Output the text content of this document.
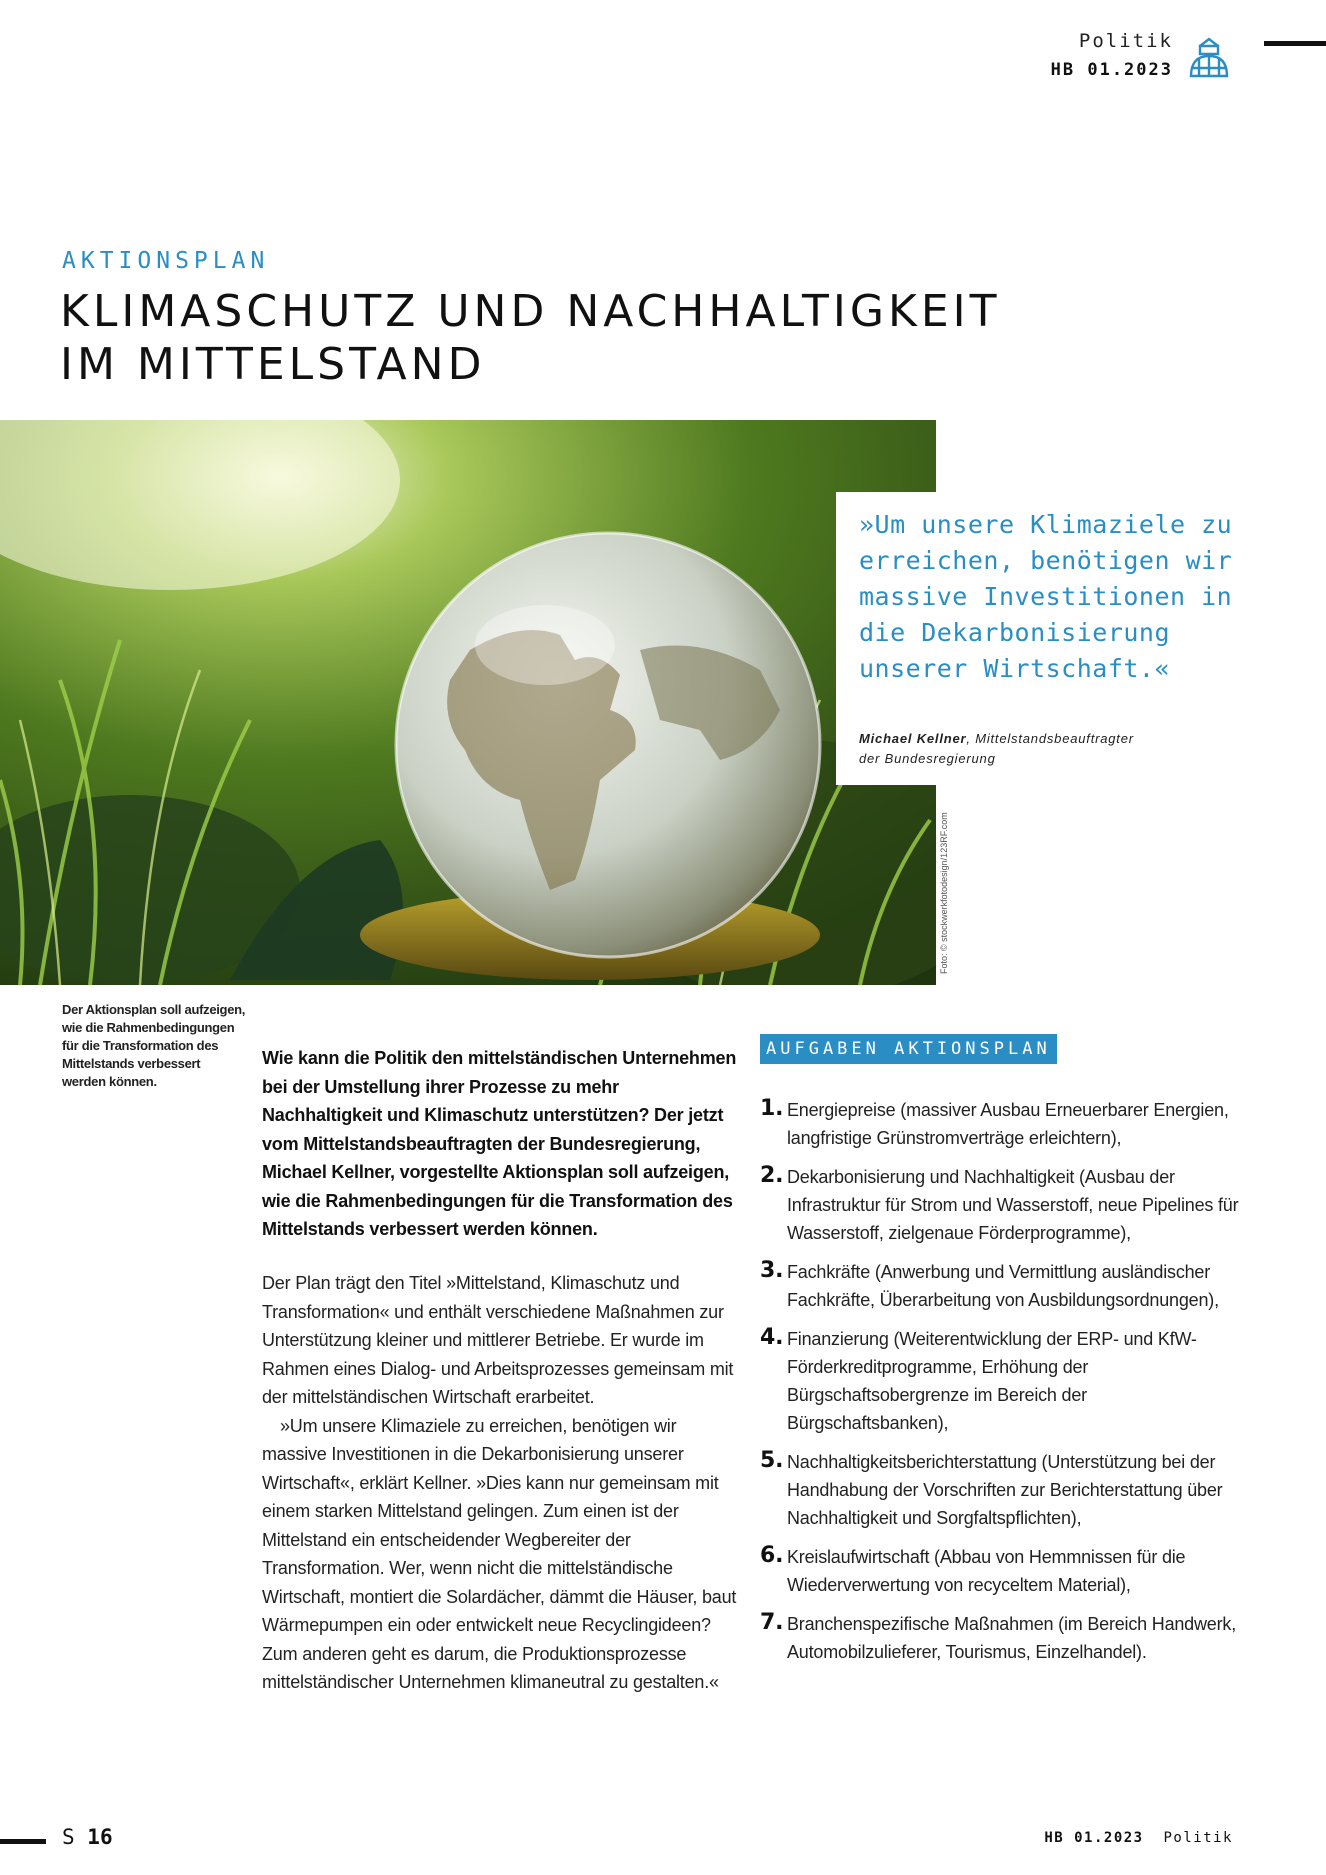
Politik
HB 01.2023
AKTIONSPLAN
KLIMASCHUTZ UND NACHHALTIGKEIT
IM MITTELSTAND
Foto: © stockwerkfotodesign/123RF.com
»Um unsere Klimaziele zu erreichen, benötigen wir massive Investitionen in die Dekarbonisierung unserer Wirtschaft.«
Michael Kellner, Mittelstandsbeauftragter
der Bundesregierung
Der Aktionsplan soll aufzeigen, wie die Rahmenbedingungen für die Transformation des Mittelstands verbessert werden können.
Wie kann die Politik den mittelständischen Unternehmen bei der Umstellung ihrer Prozesse zu mehr Nachhaltigkeit und Klimaschutz unterstützen? Der jetzt vom Mittelstandsbeauftragten der Bundesregierung, Michael Kellner, vorgestellte Aktionsplan soll aufzeigen, wie die Rahmenbedingungen für die Transformation des Mittelstands verbessert werden können.

Der Plan trägt den Titel »Mittelstand, Klimaschutz und Transformation« und enthält verschiedene Maßnahmen zur Unterstützung kleiner und mittlerer Betriebe. Er wurde im Rahmen eines Dialog- und Arbeitsprozesses gemeinsam mit der mittelständischen Wirtschaft erarbeitet.

»Um unsere Klimaziele zu erreichen, benötigen wir massive Investitionen in die Dekarbonisierung unserer Wirtschaft«, erklärt Kellner. »Dies kann nur gemeinsam mit einem starken Mittelstand gelingen. Zum einen ist der Mittelstand ein entscheidender Wegbereiter der Transformation. Wer, wenn nicht die mittelständische Wirtschaft, montiert die Solardächer, dämmt die Häuser, baut Wärmepumpen ein oder entwickelt neue Recyclingideen? Zum anderen geht es darum, die Produktionsprozesse mittelständischer Unternehmen klimaneutral zu gestalten.«

AUFGABEN AKTIONSPLAN
1. Energiepreise (massiver Ausbau Erneuerbarer Energien, langfristige Grünstromverträge erleichtern),
2. Dekarbonisierung und Nachhaltigkeit (Ausbau der Infrastruktur für Strom und Wasserstoff, neue Pipelines für Wasserstoff, zielgenaue Förderprogramme),
3. Fachkräfte (Anwerbung und Vermittlung ausländischer Fachkräfte, Überarbeitung von Ausbildungsordnungen),
4. Finanzierung (Weiterentwicklung der ERP- und KfW-Förderkreditprogramme, Erhöhung der Bürgschaftsobergrenze im Bereich der Bürgschaftsbanken),
5. Nachhaltigkeitsberichterstattung (Unterstützung bei der Handhabung der Vorschriften zur Berichterstattung über Nachhaltigkeit und Sorgfaltspflichten),
6. Kreislaufwirtschaft (Abbau von Hemmnissen für die Wiederverwertung von recyceltem Material),
7. Branchenspezifische Maßnahmen (im Bereich Handwerk, Automobilzulieferer, Tourismus, Einzelhandel).
S 16	HB 01.2023 Politik
